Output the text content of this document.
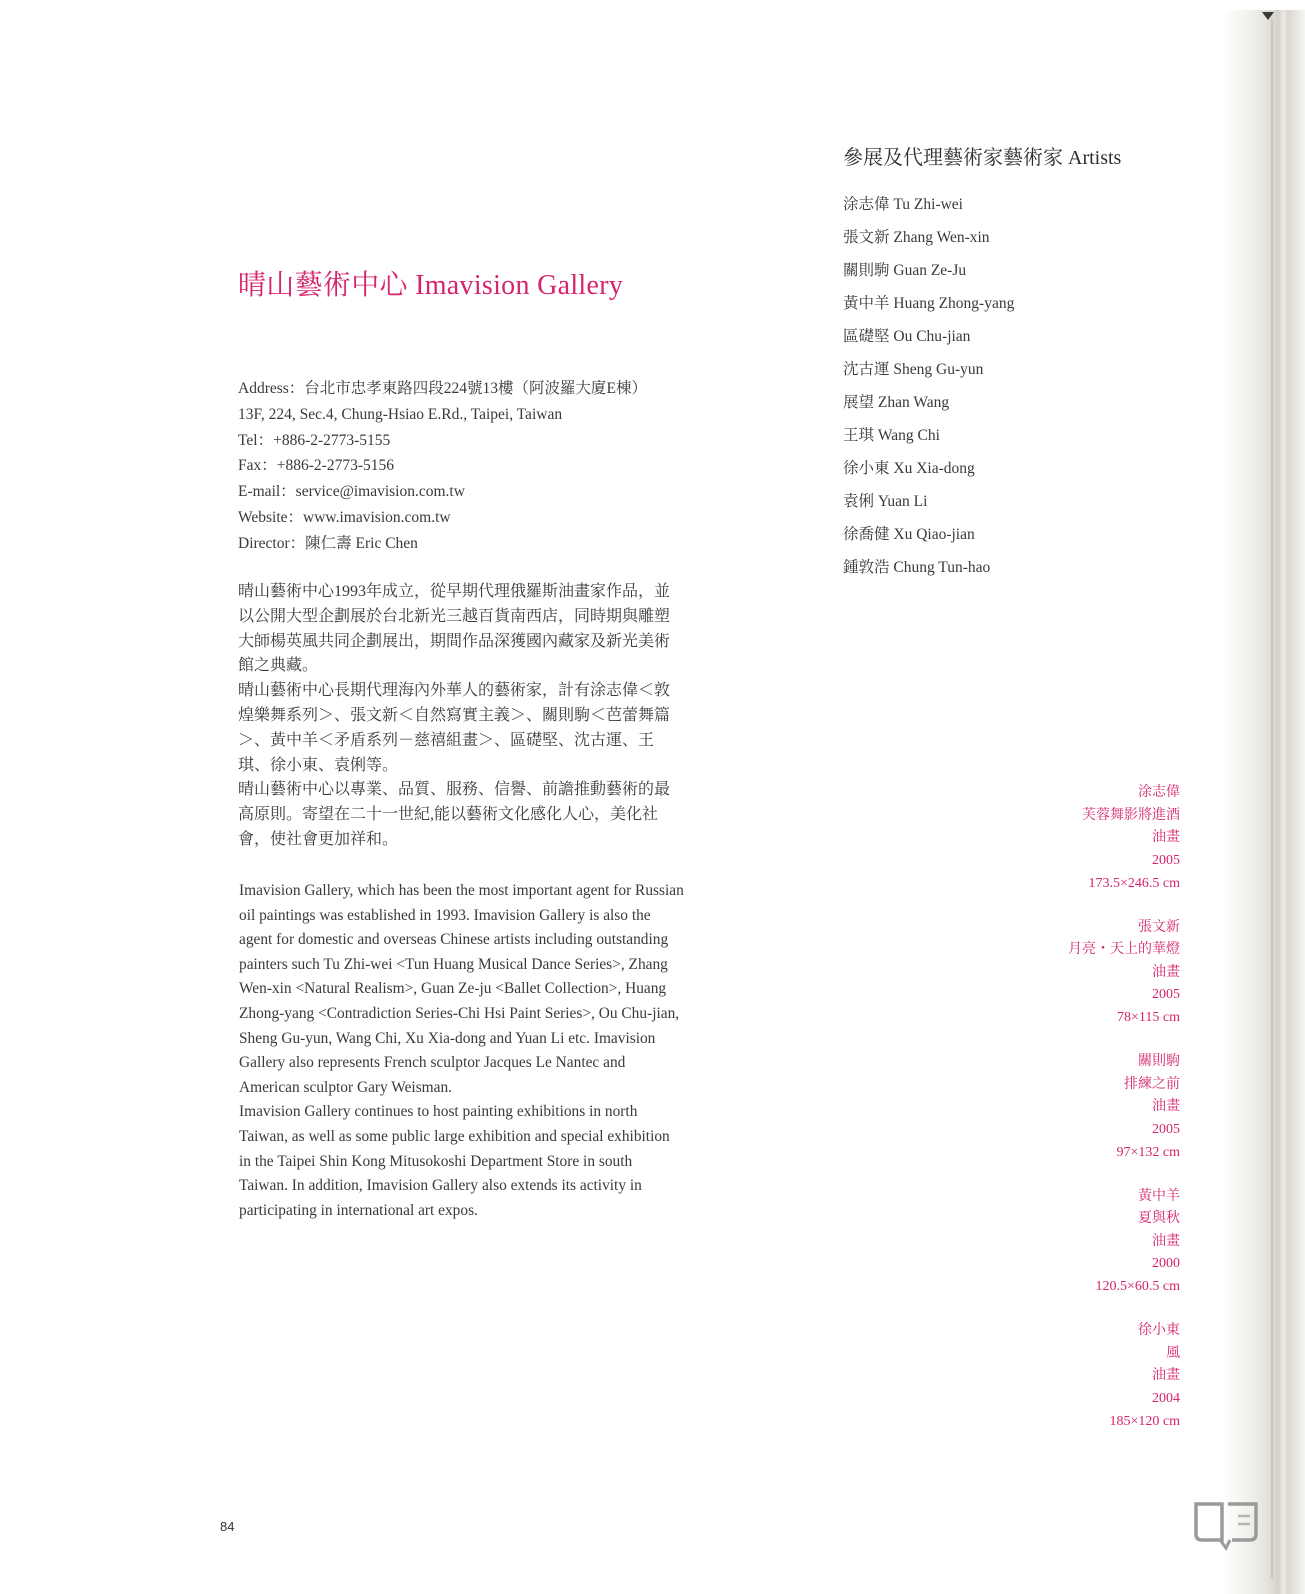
晴山藝術中心 Imavision Gallery
Address：台北市忠孝東路四段224號13樓（阿波羅大廈E棟）
13F, 224, Sec.4, Chung-Hsiao E.Rd., Taipei, Taiwan
Tel：+886-2-2773-5155
Fax：+886-2-2773-5156
E-mail：service@imavision.com.tw
Website：www.imavision.com.tw
Director：陳仁壽 Eric Chen

晴山藝術中心1993年成立，從早期代理俄羅斯油畫家作品，並以公開大型企劃展於台北新光三越百貨南西店，同時期與雕塑大師楊英風共同企劃展出，期間作品深獲國內藏家及新光美術館之典藏。

晴山藝術中心長期代理海內外華人的藝術家，計有涂志偉＜敦煌樂舞系列＞、張文新＜自然寫實主義＞、關則駒＜芭蕾舞篇＞、黃中羊＜矛盾系列－慈禧組畫＞、區礎堅、沈古運、王琪、徐小東、袁俐等。

晴山藝術中心以專業、品質、服務、信譽、前譫推動藝術的最高原則。寄望在二十一世紀,能以藝術文化感化人心，美化社會，使社會更加祥和。

Imavision Gallery, which has been the most important agent for Russian oil paintings was established in 1993. Imavision Gallery is also the agent for domestic and overseas Chinese artists including outstanding painters such Tu Zhi-wei <Tun Huang Musical Dance Series>, Zhang Wen-xin <Natural Realism>, Guan Ze-ju <Ballet Collection>, Huang Zhong-yang <Contradiction Series-Chi Hsi Paint Series>, Ou Chu-jian, Sheng Gu-yun, Wang Chi, Xu Xia-dong and Yuan Li etc. Imavision Gallery also represents French sculptor Jacques Le Nantec and American sculptor Gary Weisman.

Imavision Gallery continues to host painting exhibitions in north Taiwan, as well as some public large exhibition and special exhibition in the Taipei Shin Kong Mitusokoshi Department Store in south Taiwan. In addition, Imavision Gallery also extends its activity in participating in international art expos.

參展及代理藝術家藝術家 Artists
涂志偉 Tu Zhi-wei
張文新 Zhang Wen-xin
關則駒 Guan Ze-Ju
黃中羊 Huang Zhong-yang
區礎堅 Ou Chu-jian
沈古運 Sheng Gu-yun
展望 Zhan Wang
王琪 Wang Chi
徐小東 Xu Xia-dong
袁俐 Yuan Li
徐喬健 Xu Qiao-jian
鍾敦浩 Chung Tun-hao
涂志偉
芙蓉舞影將進酒
油畫
2005
173.5×246.5 cm
張文新
月亮・天上的華燈
油畫
2005
78×115 cm
關則駒
排練之前
油畫
2005
97×132 cm
黃中羊
夏與秋
油畫
2000
120.5×60.5 cm
徐小東
風
油畫
2004
185×120 cm
84
